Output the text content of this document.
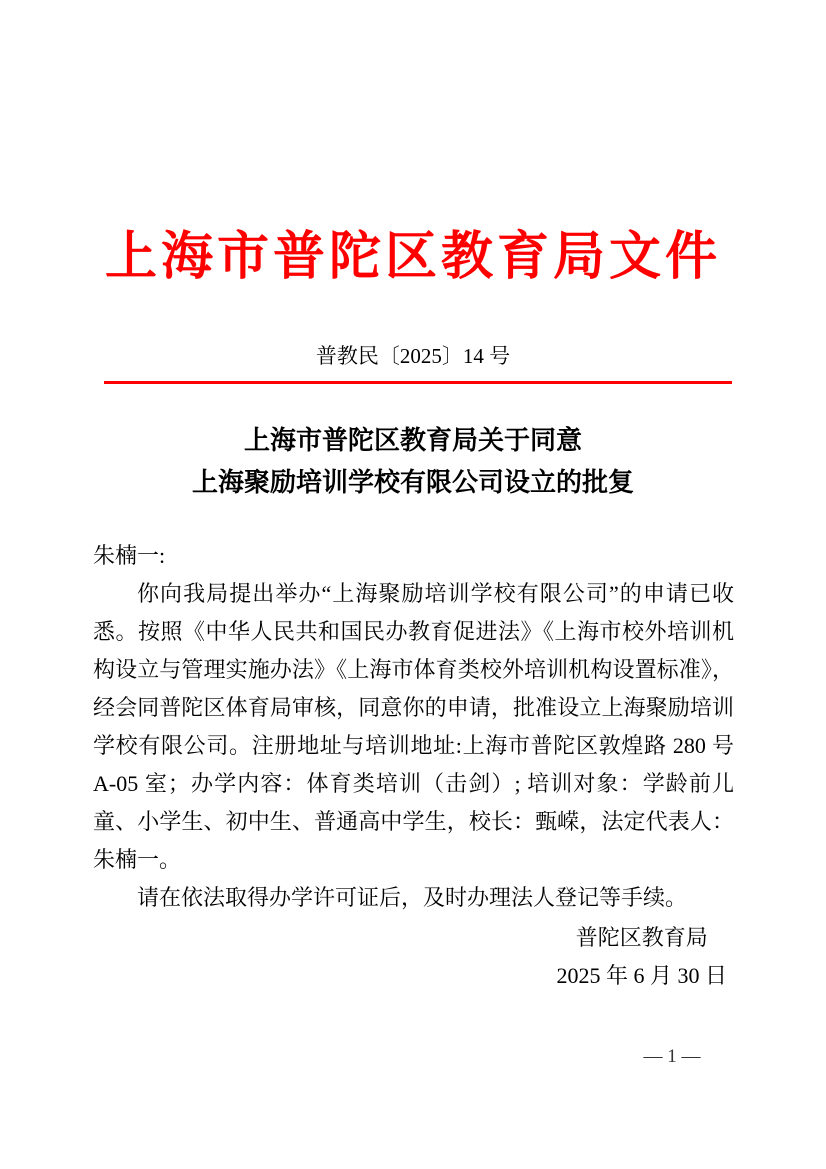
上海市普陀区教育局文件
普教民〔2025〕14 号
上海市普陀区教育局关于同意
上海聚励培训学校有限公司设立的批复

朱楠一:

你向我局提出举办“上海聚励培训学校有限公司”的申请已收悉。按照《中华人民共和国民办教育促进法》《上海市校外培训机构设立与管理实施办法》《上海市体育类校外培训机构设置标准》，经会同普陀区体育局审核，同意你的申请，批准设立上海聚励培训学校有限公司。注册地址与培训地址:上海市普陀区敦煌路 280 号 A-05 室；办学内容：体育类培训（击剑）; 培训对象：学龄前儿童、小学生、初中生、普通高中学生，校长：甄嵘，法定代表人：朱楠一。

请在依法取得办学许可证后，及时办理法人登记等手续。

普陀区教育局
2025 年 6 月 30 日
— 1 —
